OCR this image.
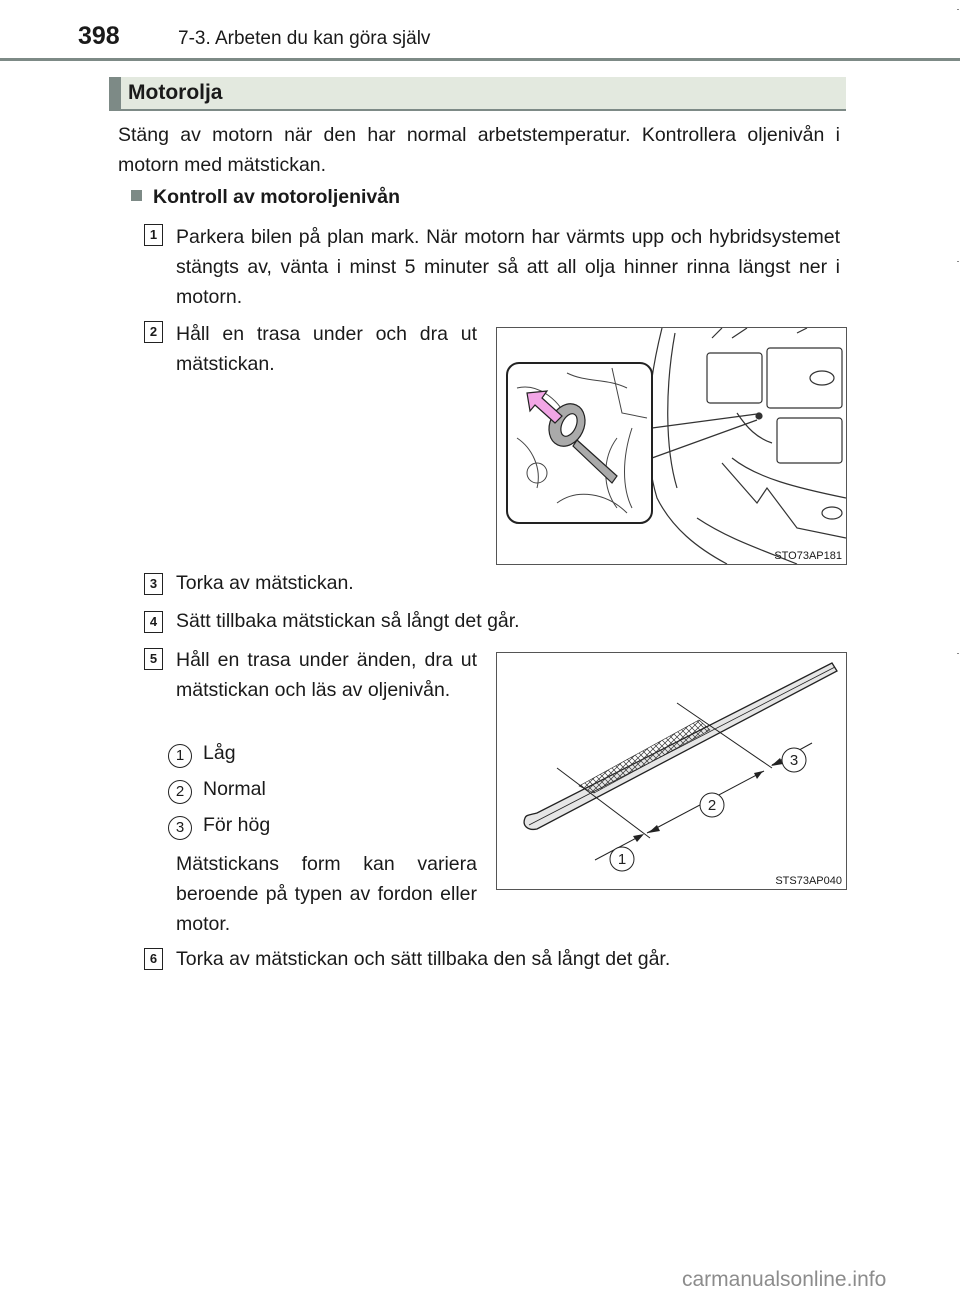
398	7-3. Arbeten du kan göra själv
Motorolja
Stäng av motorn när den har normal arbetstemperatur. Kontrollera oljenivån i motorn med mätstickan.
Kontroll av motoroljenivån
1 Parkera bilen på plan mark. När motorn har värmts upp och hybridsystemet stängts av, vänta i minst 5 minuter så att all olja hinner rinna längst ner i motorn.
2 Håll en trasa under och dra ut mätstickan.
STO73AP181
3 Torka av mätstickan.
4 Sätt tillbaka mätstickan så långt det går.
5 Håll en trasa under änden, dra ut mätstickan och läs av oljenivån.
1 Låg
2 Normal
3 För hög
Mätstickans form kan variera beroende på typen av fordon eller motor.
1
2
3
STS73AP040
6 Torka av mätstickan och sätt tillbaka den så långt det går.
carmanualsonline.info
